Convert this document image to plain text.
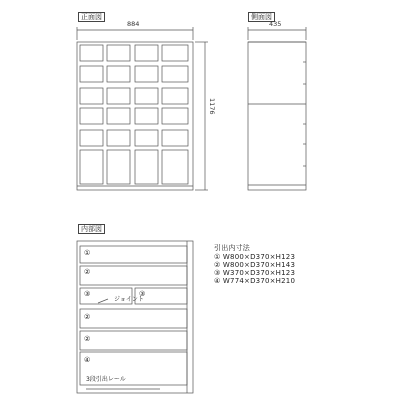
正面図	側面図
内部図
884
1176
435
①
②
③	③
ジョイント
②
②
④
3段引出レール
引出内寸法
① W800×D370×H123
② W800×D370×H143
③ W370×D370×H123
④ W774×D370×H210
